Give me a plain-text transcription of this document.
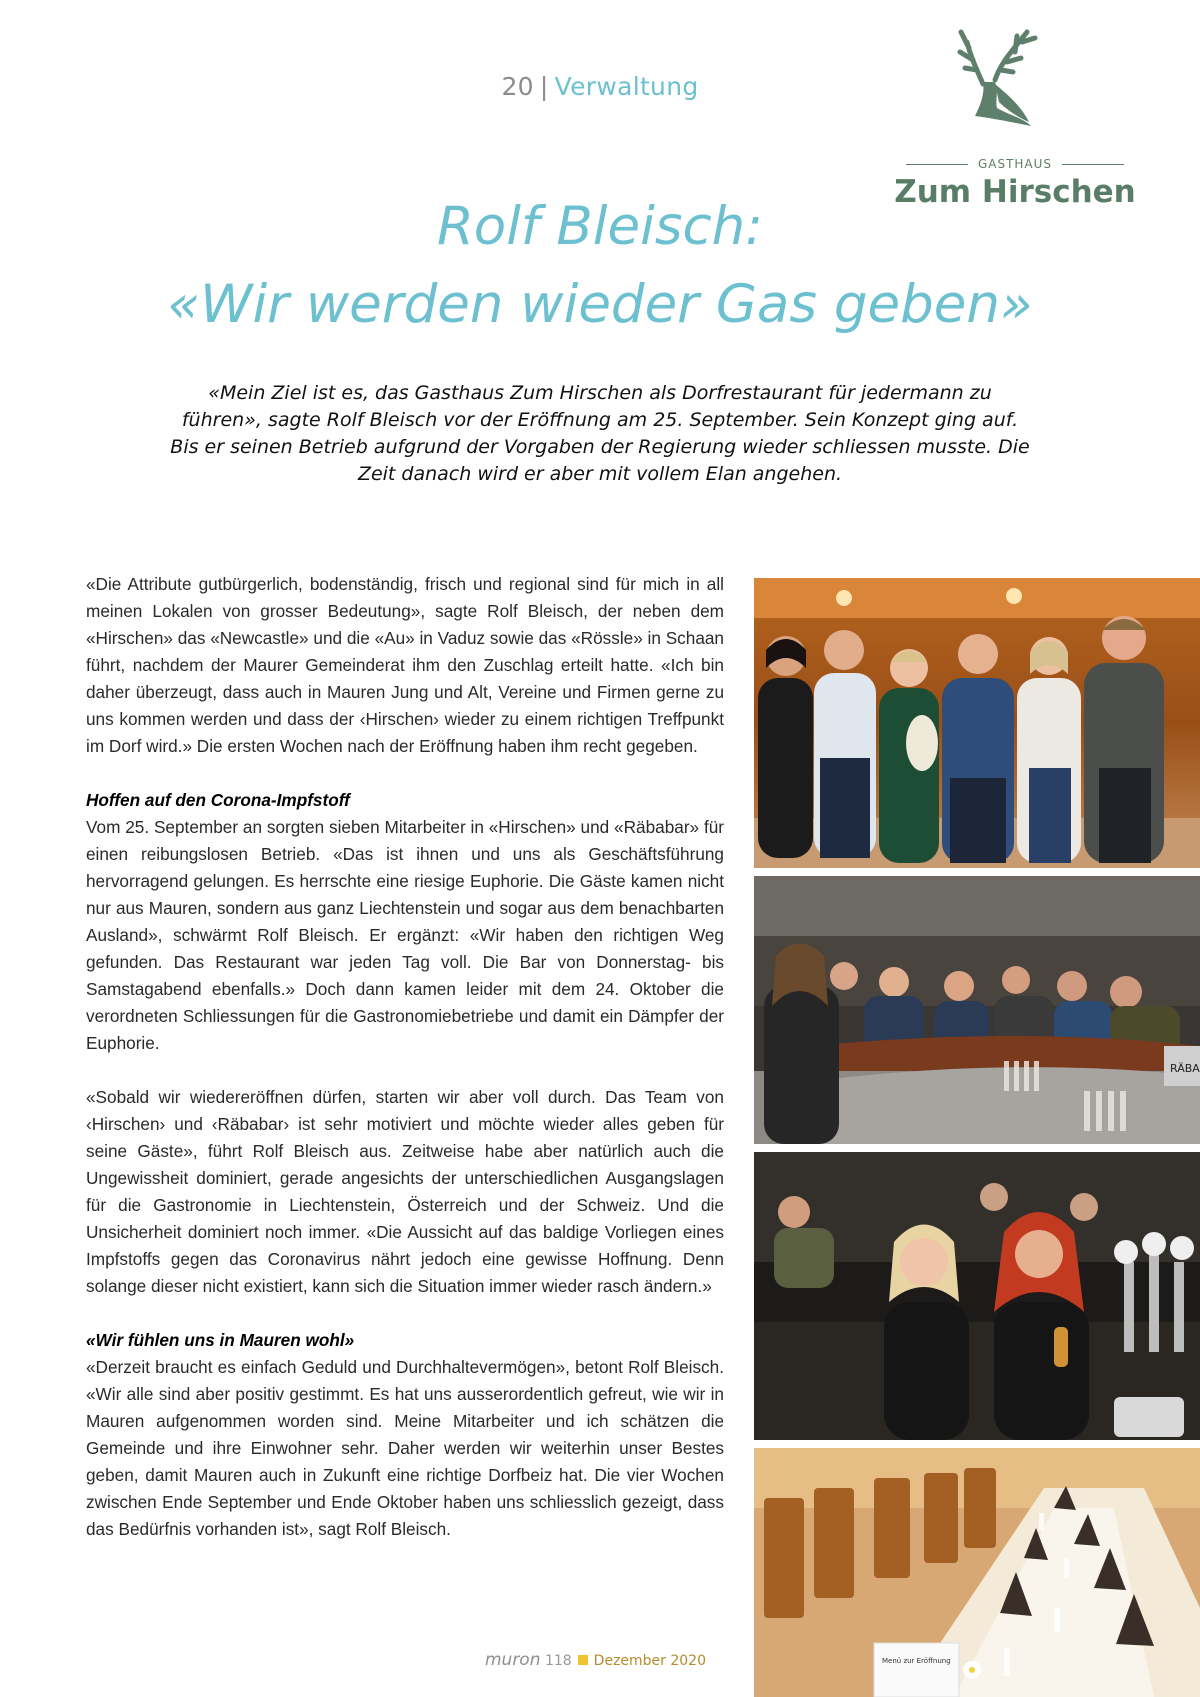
20 | Verwaltung
GASTHAUS
Zum Hirschen
Rolf Bleisch:
«Wir werden wieder Gas geben»

«Mein Ziel ist es, das Gasthaus Zum Hirschen als Dorfrestaurant für jedermann zu führen», sagte Rolf Bleisch vor der Eröffnung am 25. September. Sein Konzept ging auf. Bis er seinen Betrieb aufgrund der Vorgaben der Regierung wieder schliessen musste. Die Zeit danach wird er aber mit vollem Elan angehen.

«Die Attribute gutbürgerlich, bodenständig, frisch und regional sind für mich in all meinen Lokalen von grosser Bedeutung», sagte Rolf Bleisch, der neben dem «Hirschen» das «Newcastle» und die «Au» in Vaduz sowie das «Rössle» in Schaan führt, nachdem der Maurer Gemeinderat ihm den Zuschlag erteilt hatte. «Ich bin daher überzeugt, dass auch in Mauren Jung und Alt, Vereine und Firmen gerne zu uns kommen werden und dass der ‹Hirschen› wieder zu einem richtigen Treffpunkt im Dorf wird.» Die ersten Wochen nach der Eröffnung haben ihm recht gegeben.

Hoffen auf den Corona-Impfstoff

Vom 25. September an sorgten sieben Mitarbeiter in «Hirschen» und «Räbabar» für einen reibungslosen Betrieb. «Das ist ihnen und uns als Geschäftsführung hervorragend gelungen. Es herrschte eine riesige Euphorie. Die Gäste kamen nicht nur aus Mauren, sondern aus ganz Liechtenstein und sogar aus dem benachbarten Ausland», schwärmt Rolf Bleisch. Er ergänzt: «Wir haben den richtigen Weg gefunden. Das Restaurant war jeden Tag voll. Die Bar von Donnerstag- bis Samstagabend ebenfalls.» Doch dann kamen leider mit dem 24. Oktober die verordneten Schliessungen für die Gastronomiebetriebe und damit ein Dämpfer der Euphorie.

«Sobald wir wiedereröffnen dürfen, starten wir aber voll durch. Das Team von ‹Hirschen› und ‹Räbabar› ist sehr motiviert und möchte wieder alles geben für seine Gäste», führt Rolf Bleisch aus. Zeitweise habe aber natürlich auch die Ungewissheit dominiert, gerade angesichts der unterschiedlichen Ausgangslagen für die Gastronomie in Liechtenstein, Österreich und der Schweiz. Und die Unsicherheit dominiert noch immer. «Die Aussicht auf das baldige Vorliegen eines Impfstoffs gegen das Coronavirus nährt jedoch eine gewisse Hoffnung. Denn solange dieser nicht existiert, kann sich die Situation immer wieder rasch ändern.»

«Wir fühlen uns in Mauren wohl»

«Derzeit braucht es einfach Geduld und Durchhaltevermögen», betont Rolf Bleisch. «Wir alle sind aber positiv gestimmt. Es hat uns ausserordentlich gefreut, wie wir in Mauren aufgenommen worden sind. Meine Mitarbeiter und ich schätzen die Gemeinde und ihre Einwohner sehr. Daher werden wir weiterhin unser Bestes geben, damit Mauren auch in Zukunft eine richtige Dorfbeiz hat. Die vier Wochen zwischen Ende September und Ende Oktober haben uns schliesslich gezeigt, dass das Bedürfnis vorhanden ist», sagt Rolf Bleisch.

RÄBA
Menü zur Eröffnung
muron 118 Dezember 2020
